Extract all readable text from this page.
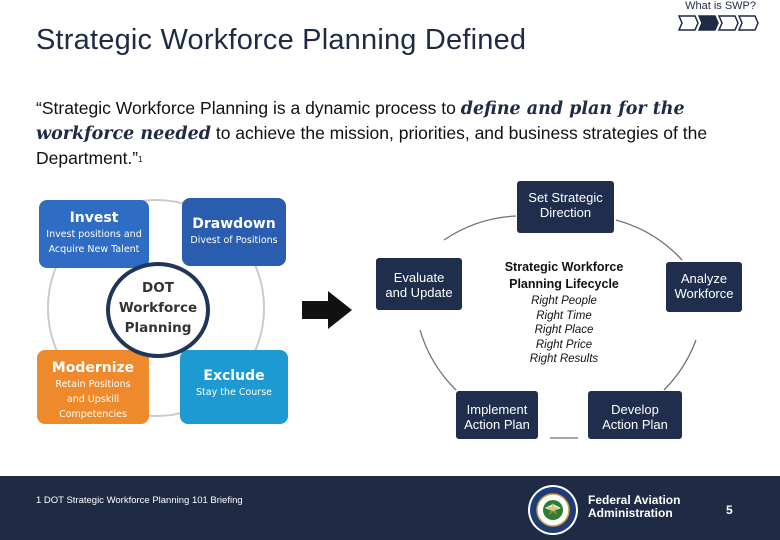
What is SWP?
Strategic Workforce Planning Defined
“Strategic Workforce Planning is a dynamic process to define and plan for the workforce needed to achieve the mission, priorities, and business strategies of the Department.”$^1$
Invest
Invest positions and
Acquire New Talent
Drawdown
Divest of Positions
Modernize
Retain Positions
and Upskill
Competencies
Exclude
Stay the Course
DOT
Workforce
Planning
Set Strategic
Direction
Evaluate
and Update
Analyze
Workforce
Implement
Action Plan
Develop
Action Plan
Strategic Workforce
Planning Lifecycle
Right People
Right Time
Right Place
Right Price
Right Results
1 DOT Strategic Workforce Planning 101 Briefing	Federal Aviation
Administration	5
